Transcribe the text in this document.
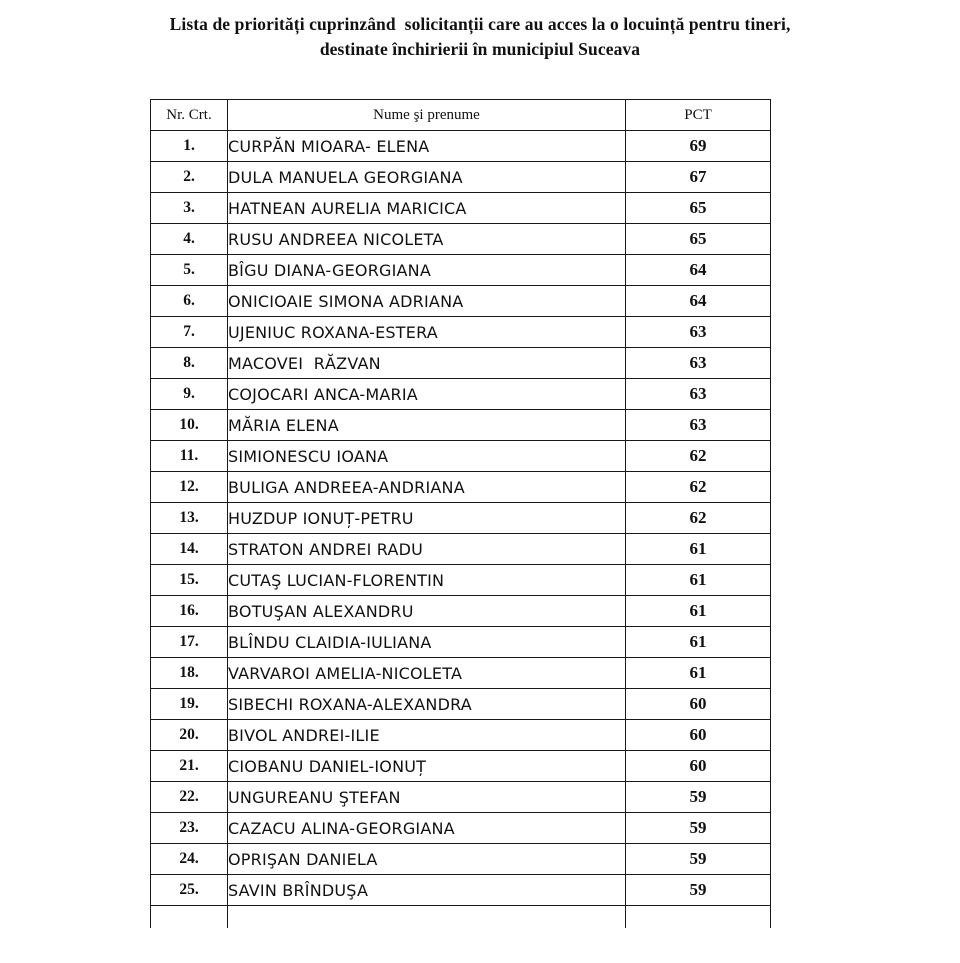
Lista de priorități cuprinzând  solicitanții care au acces la o locuință pentru tineri,
destinate închirierii în municipiul Suceava
Nr. Crt.	Nume şi prenume	PCT
1.	CURPĂN MIOARA- ELENA	69
2.	DULA MANUELA GEORGIANA	67
3.	HATNEAN AURELIA MARICICA	65
4.	RUSU ANDREEA NICOLETA	65
5.	BÎGU DIANA-GEORGIANA	64
6.	ONICIOAIE SIMONA ADRIANA	64
7.	UJENIUC ROXANA-ESTERA	63
8.	MACOVEI  RĂZVAN	63
9.	COJOCARI ANCA-MARIA	63
10.	MĂRIA ELENA	63
11.	SIMIONESCU IOANA	62
12.	BULIGA ANDREEA-ANDRIANA	62
13.	HUZDUP IONUȚ-PETRU	62
14.	STRATON ANDREI RADU	61
15.	CUTAŞ LUCIAN-FLORENTIN	61
16.	BOTUŞAN ALEXANDRU	61
17.	BLÎNDU CLAIDIA-IULIANA	61
18.	VARVAROI AMELIA-NICOLETA	61
19.	SIBECHI ROXANA-ALEXANDRA	60
20.	BIVOL ANDREI-ILIE	60
21.	CIOBANU DANIEL-IONUȚ	60
22.	UNGUREANU ŞTEFAN	59
23.	CAZACU ALINA-GEORGIANA	59
24.	OPRIŞAN DANIELA	59
25.	SAVIN BRÎNDUŞA	59
